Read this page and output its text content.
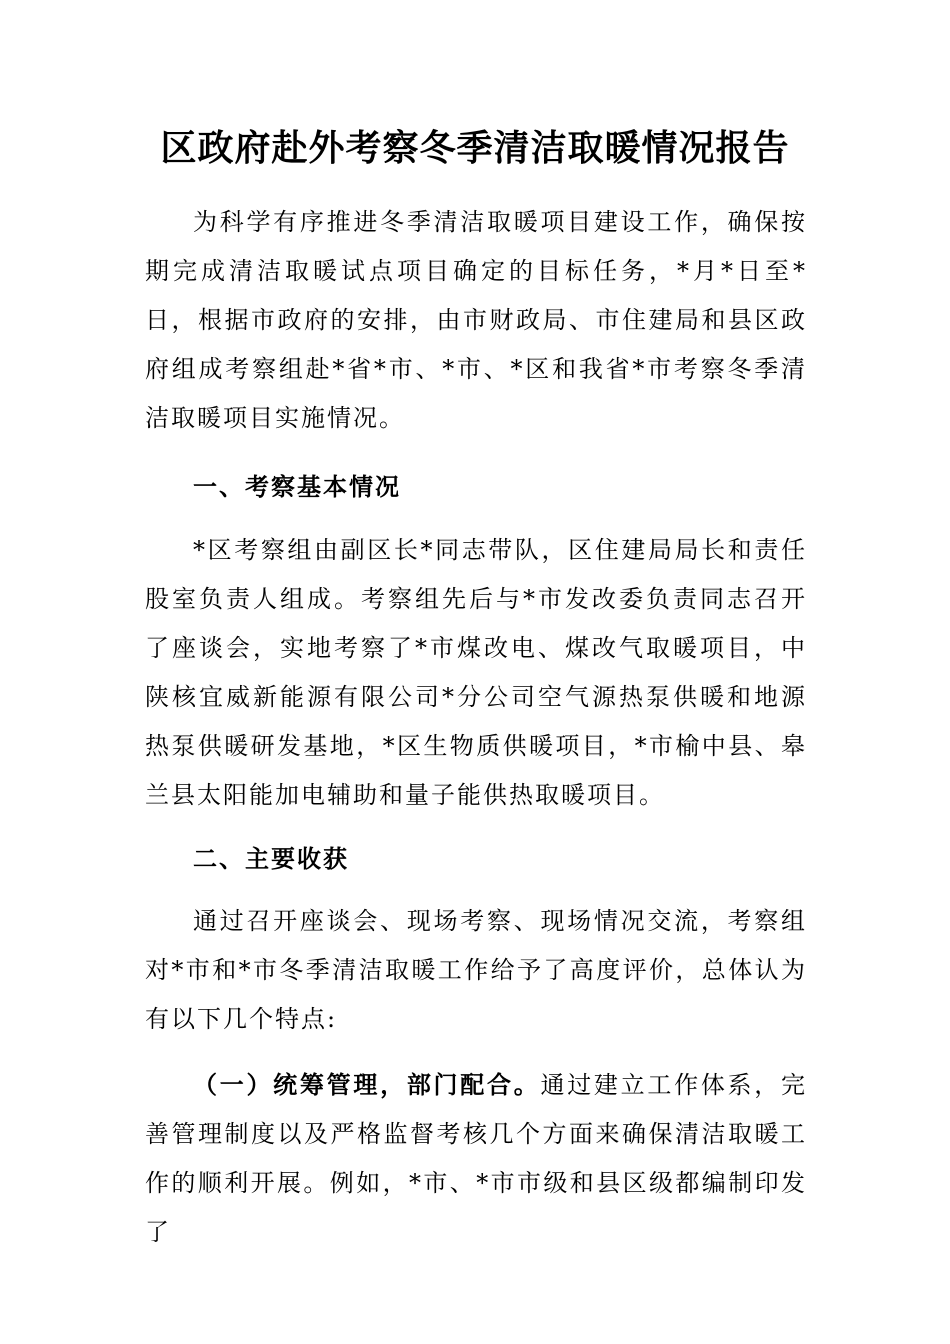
区政府赴外考察冬季清洁取暖情况报告

为科学有序推进冬季清洁取暖项目建设工作，确保按期完成清洁取暖试点项目确定的目标任务，*月*日至*日，根据市政府的安排，由市财政局、市住建局和县区政府组成考察组赴*省*市、*市、*区和我省*市考察冬季清洁取暖项目实施情况。

一、考察基本情况

*区考察组由副区长*同志带队，区住建局局长和责任股室负责人组成。考察组先后与*市发改委负责同志召开了座谈会，实地考察了*市煤改电、煤改气取暖项目，中陕核宜威新能源有限公司*分公司空气源热泵供暖和地源热泵供暖研发基地，*区生物质供暖项目，*市榆中县、皋兰县太阳能加电辅助和量子能供热取暖项目。

二、主要收获

通过召开座谈会、现场考察、现场情况交流，考察组对*市和*市冬季清洁取暖工作给予了高度评价，总体认为有以下几个特点:

（一）统筹管理，部门配合。通过建立工作体系，完善管理制度以及严格监督考核几个方面来确保清洁取暖工作的顺利开展。例如，*市、*市市级和县区级都编制印发了
